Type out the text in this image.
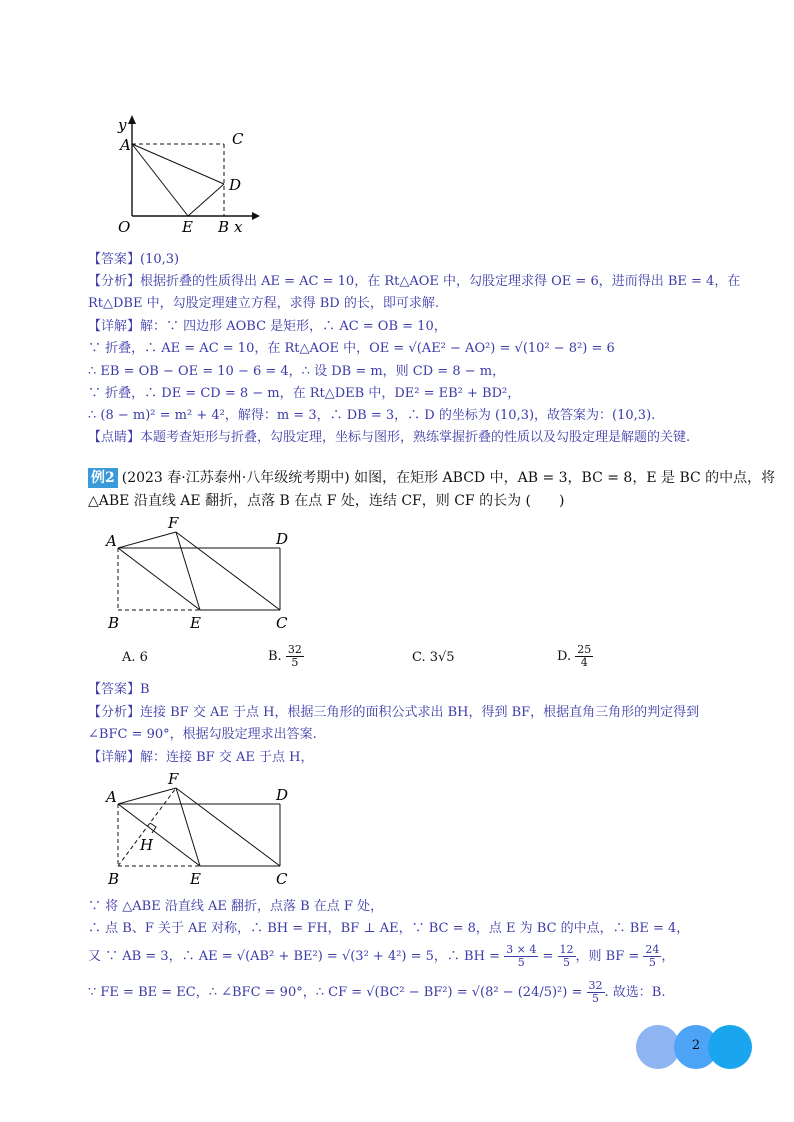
y
A	C
D
O	E B x
【答案】(10,3)
【分析】根据折叠的性质得出 AE = AC = 10，在 Rt△AOE 中，勾股定理求得 OE = 6，进而得出 BE = 4，在
Rt△DBE 中，勾股定理建立方程，求得 BD 的长，即可求解.
【详解】解：∵ 四边形 AOBC 是矩形，∴ AC = OB = 10，
∵ 折叠，∴ AE = AC = 10，在 Rt△AOE 中，OE = √(AE² − AO²) = √(10² − 8²) = 6
∴ EB = OB − OE = 10 − 6 = 4，∴ 设 DB = m，则 CD = 8 − m，
∵ 折叠，∴ DE = CD = 8 − m，在 Rt△DEB 中，DE² = EB² + BD²，
∴ (8 − m)² = m² + 4²，解得：m = 3，∴ DB = 3，∴ D 的坐标为 (10,3)，故答案为：(10,3).
【点睛】本题考查矩形与折叠，勾股定理，坐标与图形，熟练掌握折叠的性质以及勾股定理是解题的关键.
例2 (2023 春·江苏泰州·八年级统考期中) 如图，在矩形 ABCD 中，AB = 3，BC = 8，E 是 BC 的中点，将
△ABE 沿直线 AE 翻折，点落 B 在点 F 处，连结 CF，则 CF 的长为 (　　)
A
F
D
B	E	C
A. 6	B. $\frac{32}{5}$	C. 3√5	D. $\frac{25}{4}$
【答案】B
【分析】连接 BF 交 AE 于点 H，根据三角形的面积公式求出 BH，得到 BF，根据直角三角形的判定得到
∠BFC = 90°，根据勾股定理求出答案.
【详解】解：连接 BF 交 AE 于点 H，
A
F
D
H
B	E	C
∵ 将 △ABE 沿直线 AE 翻折，点落 B 在点 F 处，
∴ 点 B、F 关于 AE 对称，∴ BH = FH，BF ⊥ AE，∵ BC = 8，点 E 为 BC 的中点，∴ BE = 4，
又 ∵ AB = 3，∴ AE = √(AB² + BE²) = √(3² + 4²) = 5，∴ BH = $\frac{3 \times 4}{5} = \frac{12}{5}$ ，则 BF = $\frac{24}{5}$ ，
∵ FE = BE = EC，∴ ∠BFC = 90°，∴ CF = $√(BC^2 - BF^2) = √(8^2 - (24/5)^2) = \frac{32}{5}$ . 故选：B.
2
